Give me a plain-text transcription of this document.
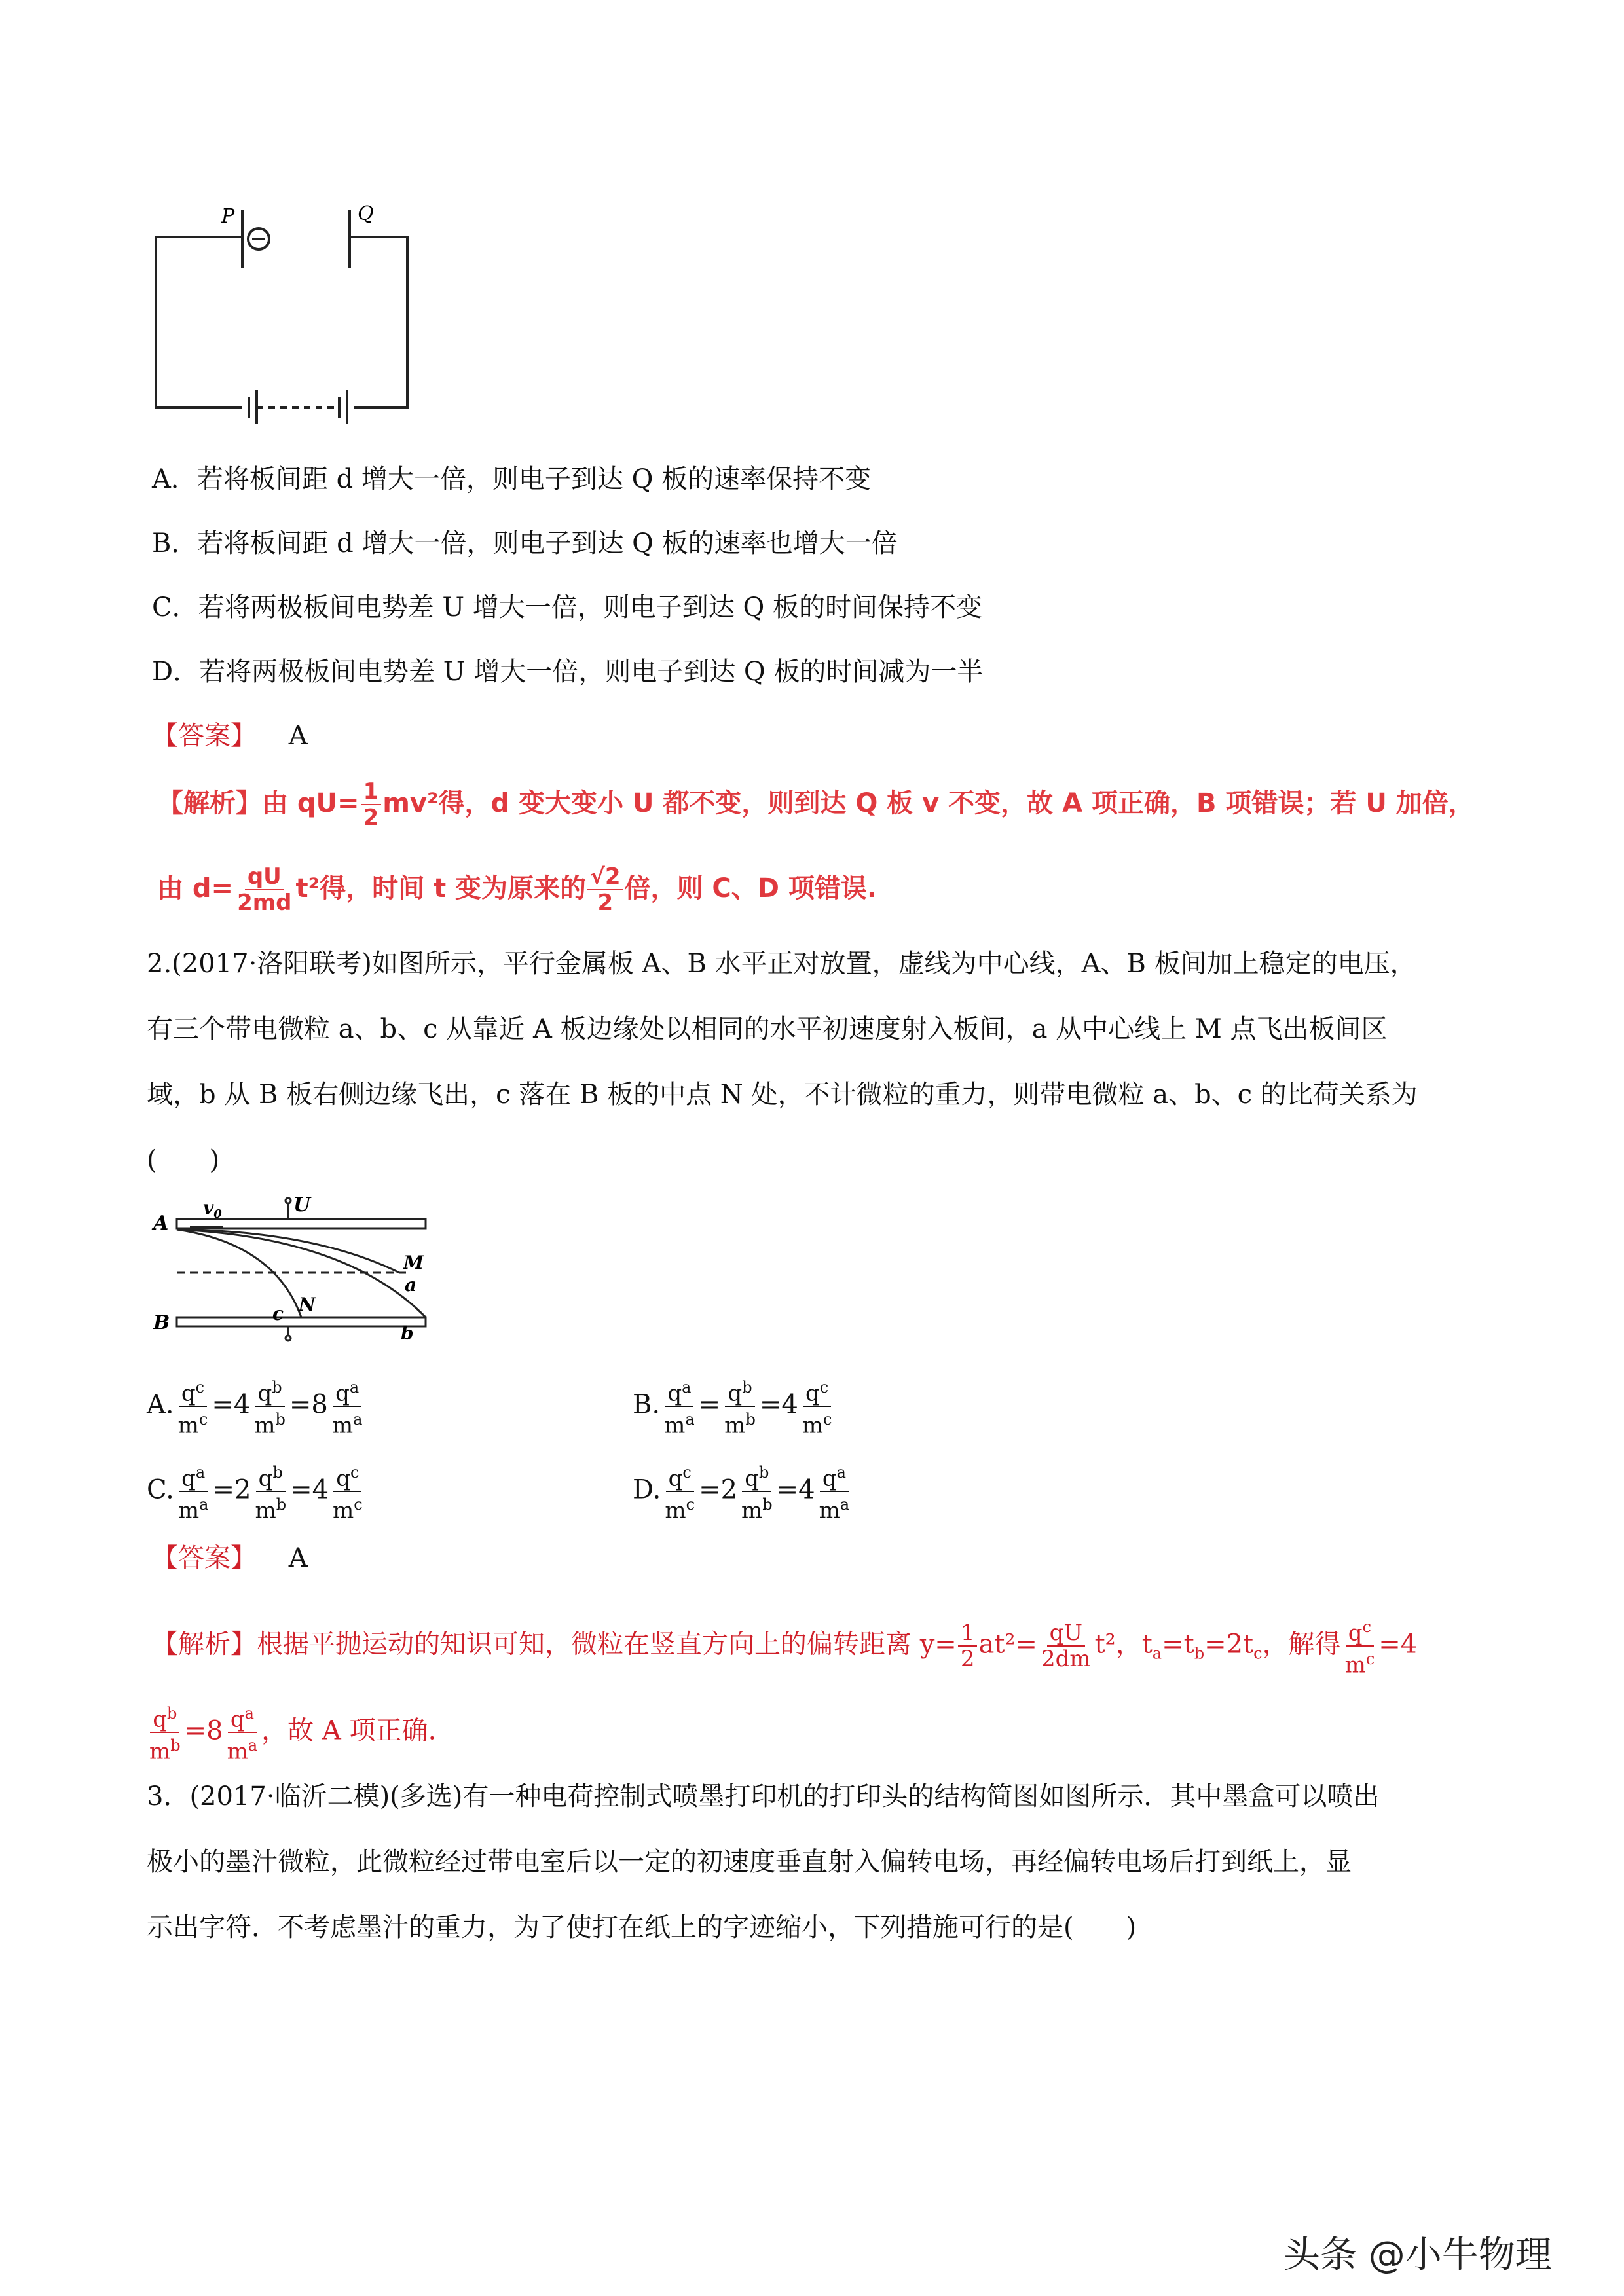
P	Q
A．若将板间距 d 增大一倍，则电子到达 Q 板的速率保持不变
B．若将板间距 d 增大一倍，则电子到达 Q 板的速率也增大一倍
C．若将两极板间电势差 U 增大一倍，则电子到达 Q 板的时间保持不变
D．若将两极板间电势差 U 增大一倍，则电子到达 Q 板的时间减为一半
【答案】 A
【解析】由 $qU= \frac{1}{2} mv^2$得，d 变大变小 U 都不变，则到达 Q 板 v 不变，故 A 项正确，B 项错误；若 U 加倍，
由 $d= \frac{qU}{2md} t^2$得，时间 t 变为原来的 $\frac{√2}{2}$ 倍，则 C、D 项错误.
2.(2017·洛阳联考)如图所示，平行金属板 A、B 水平正对放置，虚线为中心线，A、B 板间加上稳定的电压，
有三个带电微粒 a、b、c 从靠近 A 板边缘处以相同的水平初速度射入板间，a 从中心线上 M 点飞出板间区
域，b 从 B 板右侧边缘飞出，c 落在 B 板的中点 N 处，不计微粒的重力，则带电微粒 a、b、c 的比荷关系为
(　　)
A
B
$v_0$	U
M
a
N
c
b
A. $\frac{q^c}{m^c} =4 \frac{q^b}{m^b} =8 \frac{q^a}{m^a}$	B. $\frac{q^a}{m^a} = \frac{q^b}{m^b} =4 \frac{q^c}{m^c}$
C. $\frac{q^a}{m^a} =2 \frac{q^b}{m^b} =4 \frac{q^c}{m^c}$	D. $\frac{q^c}{m^c} =2 \frac{q^b}{m^b} =4 \frac{q^a}{m^a}$
【答案】 A
【解析】根据平抛运动的知识可知，微粒在竖直方向上的偏转距离 $y= \frac{1}{2} at^2= \frac{qU}{2dm} t^2$，$t_a=t_b=2t_c$，解得 $\frac{q^c}{m^c} =4$
$\frac{q^b}{m^b} =8 \frac{q^a}{m^a}$ ，故 A 项正确.
3．(2017·临沂二模)(多选)有一种电荷控制式喷墨打印机的打印头的结构简图如图所示．其中墨盒可以喷出
极小的墨汁微粒，此微粒经过带电室后以一定的初速度垂直射入偏转电场，再经偏转电场后打到纸上，显
示出字符．不考虑墨汁的重力，为了使打在纸上的字迹缩小，下列措施可行的是(　　)
头条 @小牛物理
